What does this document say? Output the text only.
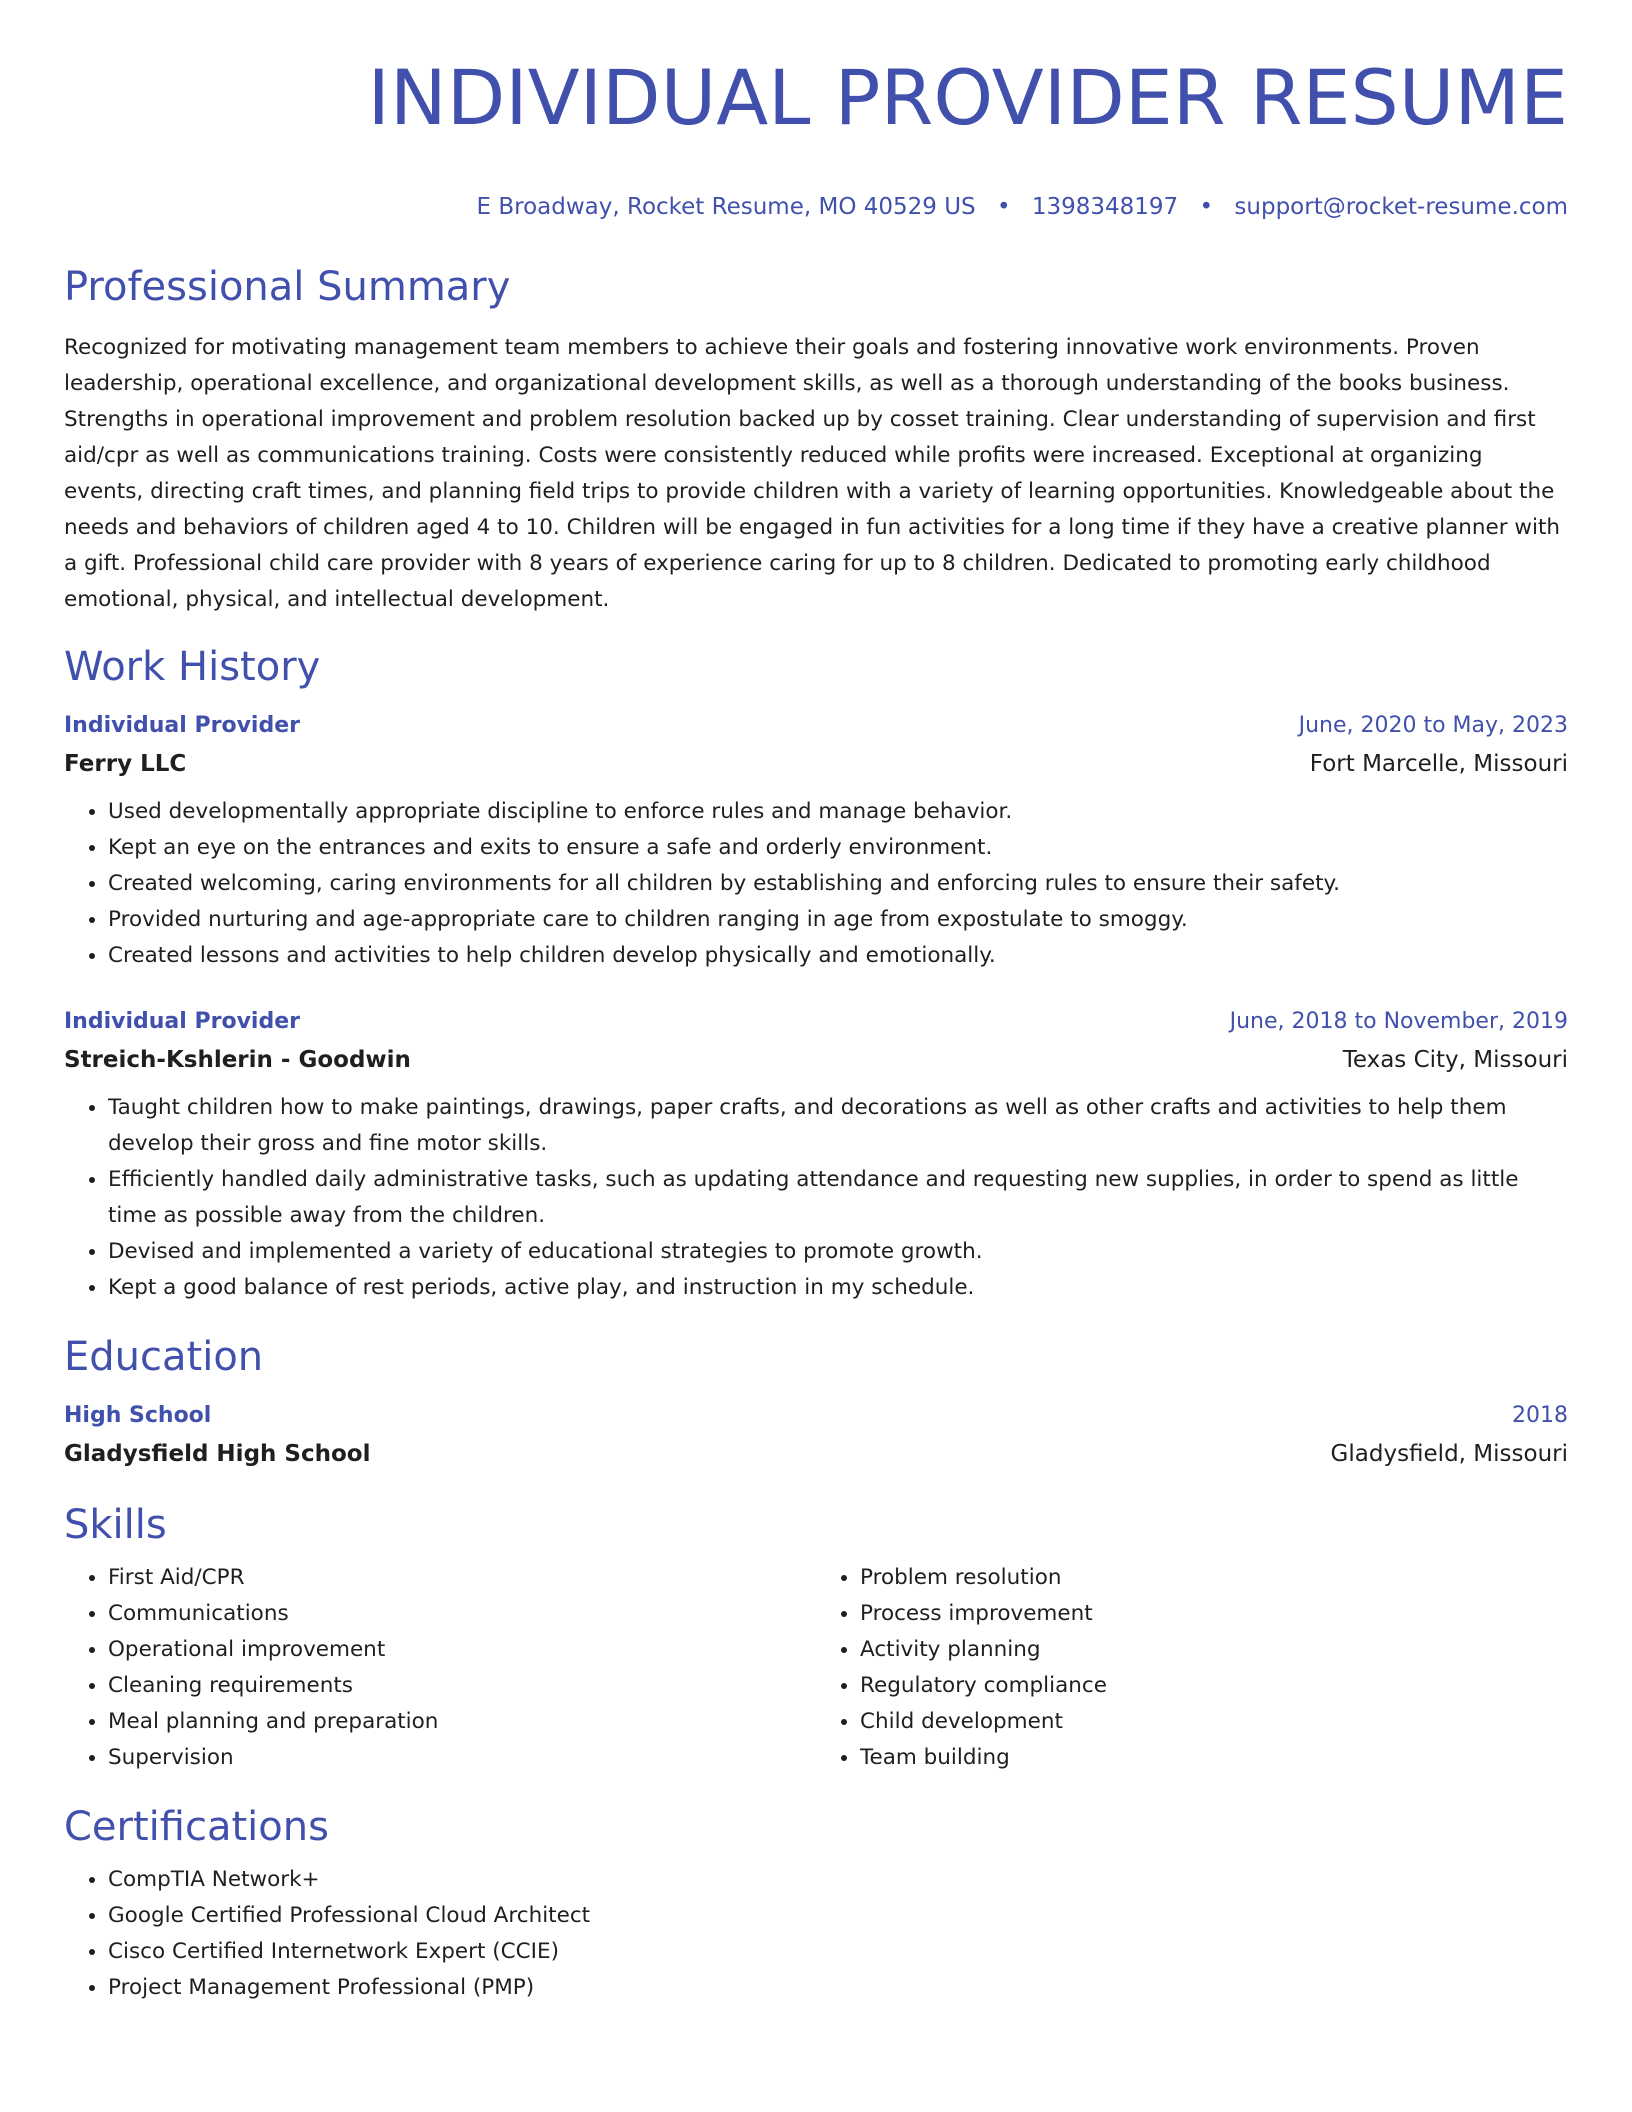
INDIVIDUAL PROVIDER RESUME
E Broadway, Rocket Resume, MO 40529 US • 1398348197 • support@rocket-resume.com
Professional Summary

Recognized for motivating management team members to achieve their goals and fostering innovative work environments. Proven leadership, operational excellence, and organizational development skills, as well as a thorough understanding of the books business. Strengths in operational improvement and problem resolution backed up by cosset training. Clear understanding of supervision and first aid/cpr as well as communications training. Costs were consistently reduced while profits were increased. Exceptional at organizing events, directing craft times, and planning field trips to provide children with a variety of learning opportunities. Knowledgeable about the needs and behaviors of children aged 4 to 10. Children will be engaged in fun activities for a long time if they have a creative planner with a gift. Professional child care provider with 8 years of experience caring for up to 8 children. Dedicated to promoting early childhood emotional, physical, and intellectual development.

Work History
Individual Provider	June, 2020 to May, 2023
Ferry LLC	Fort Marcelle, Missouri
• Used developmentally appropriate discipline to enforce rules and manage behavior.
• Kept an eye on the entrances and exits to ensure a safe and orderly environment.
• Created welcoming, caring environments for all children by establishing and enforcing rules to ensure their safety.
• Provided nurturing and age-appropriate care to children ranging in age from expostulate to smoggy.
• Created lessons and activities to help children develop physically and emotionally.
Individual Provider	June, 2018 to November, 2019
Streich-Kshlerin - Goodwin	Texas City, Missouri
• Taught children how to make paintings, drawings, paper crafts, and decorations as well as other crafts and activities to help them develop their gross and fine motor skills.
• Efficiently handled daily administrative tasks, such as updating attendance and requesting new supplies, in order to spend as little time as possible away from the children.
• Devised and implemented a variety of educational strategies to promote growth.
• Kept a good balance of rest periods, active play, and instruction in my schedule.
Education
High School	2018
Gladysfield High School	Gladysfield, Missouri
Skills
• First Aid/CPR
• Communications
• Operational improvement
• Cleaning requirements
• Meal planning and preparation
• Supervision
• Problem resolution
• Process improvement
• Activity planning
• Regulatory compliance
• Child development
• Team building
Certifications
• CompTIA Network+
• Google Certified Professional Cloud Architect
• Cisco Certified Internetwork Expert (CCIE)
• Project Management Professional (PMP)
